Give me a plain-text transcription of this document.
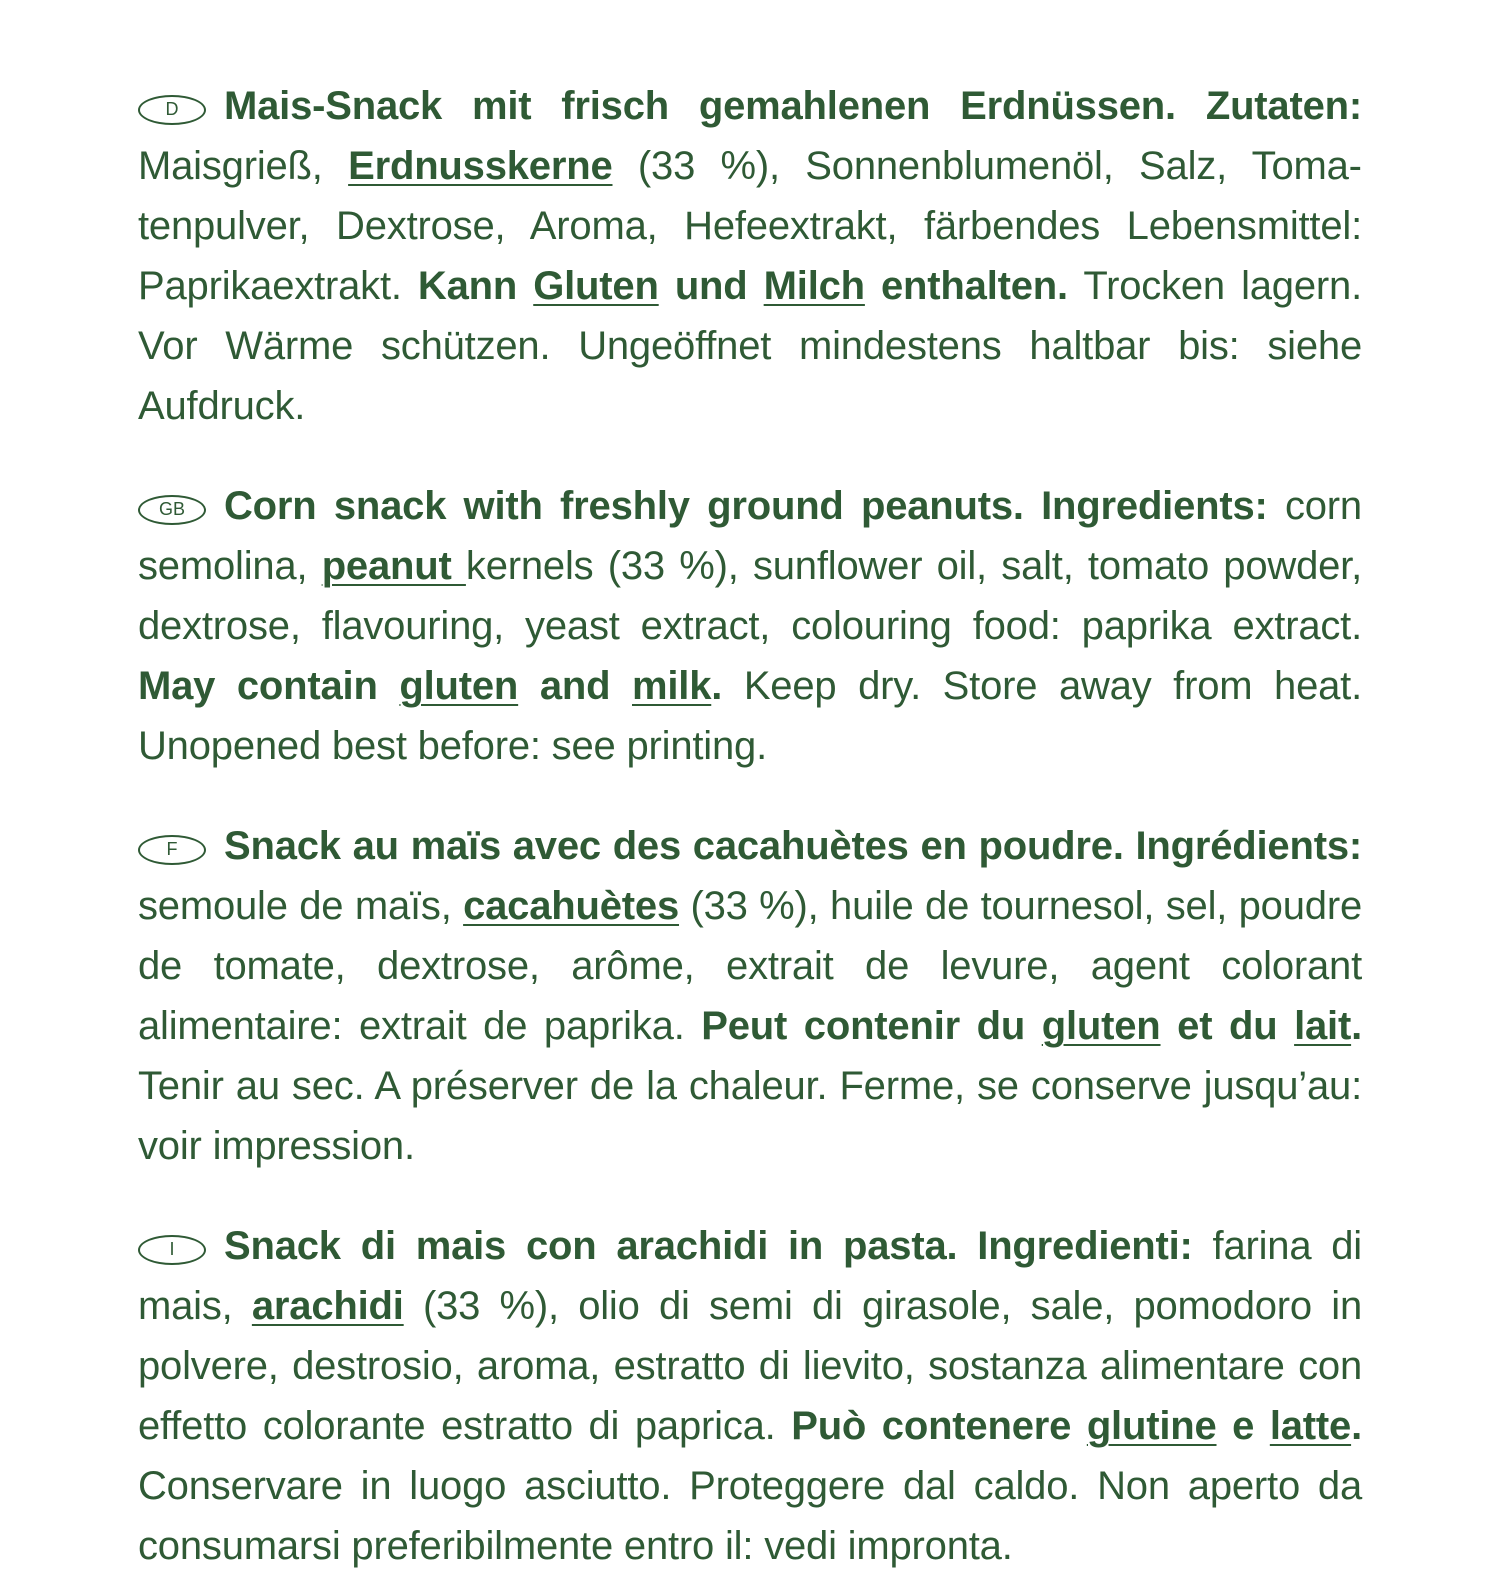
D Mais-Snack mit frisch gemahlenen Erdnüssen. Zutaten: Maisgrieß, Erdnusskerne (33 %), Sonnenblumenöl, Salz, Tomatenpulver, Dextrose, Aroma, Hefeextrakt, färbendes Lebensmittel: Paprikaextrakt. Kann Gluten und Milch enthalten. Trocken lagern. Vor Wärme schützen. Ungeöffnet mindestens haltbar bis: siehe Aufdruck.

GB Corn snack with freshly ground peanuts. Ingredients: corn semolina, peanut kernels (33 %), sunflower oil, salt, tomato powder, dextrose, flavouring, yeast extract, colouring food: paprika extract. May contain gluten and milk. Keep dry. Store away from heat. Unopened best before: see printing.

F Snack au maïs avec des cacahuètes en poudre. Ingrédients: semoule de maïs, cacahuètes (33 %), huile de tournesol, sel, poudre de tomate, dextrose, arôme, extrait de levure, agent colorant alimentaire: extrait de paprika. Peut contenir du gluten et du lait. Tenir au sec. A préserver de la chaleur. Ferme, se conserve jusqu’au: voir impression.

I Snack di mais con arachidi in pasta. Ingredienti: farina di mais, arachidi (33 %), olio di semi di girasole, sale, pomodoro in polvere, destrosio, aroma, estratto di lievito, sostanza alimentare con effetto colorante estratto di paprica. Può contenere glutine e latte. Conservare in luogo asciutto. Proteggere dal caldo. Non aperto da consumarsi preferibilmente entro il: vedi impronta.
